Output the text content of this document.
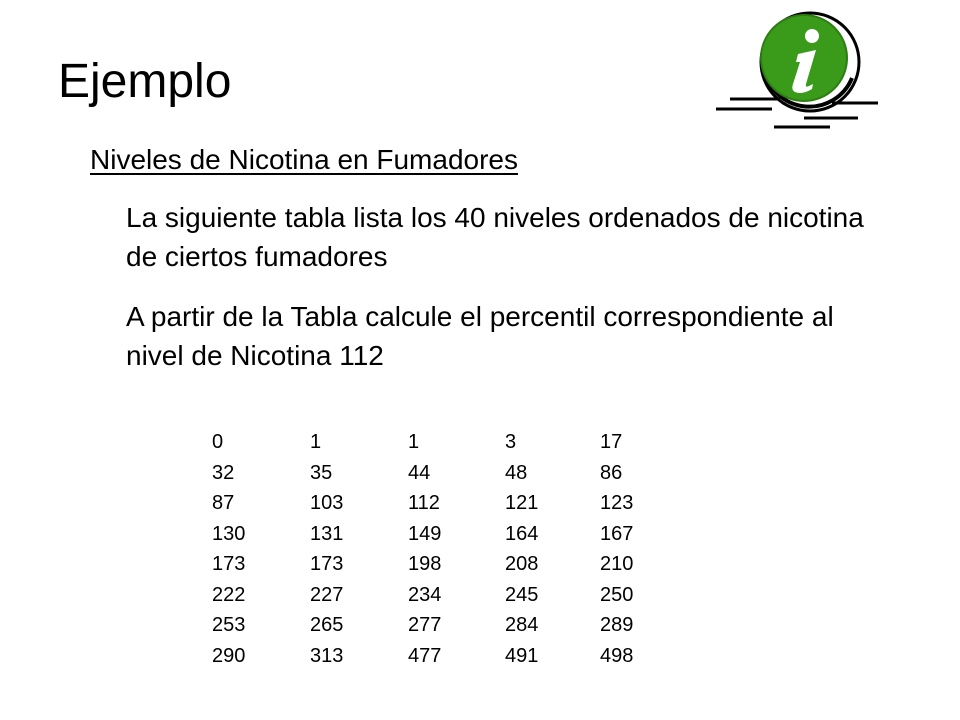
Ejemplo
Niveles de Nicotina en Fumadores

La siguiente tabla lista los 40 niveles ordenados de nicotina de ciertos fumadores

A partir de la Tabla calcule el percentil correspondiente al nivel de Nicotina 112

0	1	1	3	17
32	35	44	48	86
87	103	112	121	123
130	131	149	164	167
173	173	198	208	210
222	227	234	245	250
253	265	277	284	289
290	313	477	491	498
